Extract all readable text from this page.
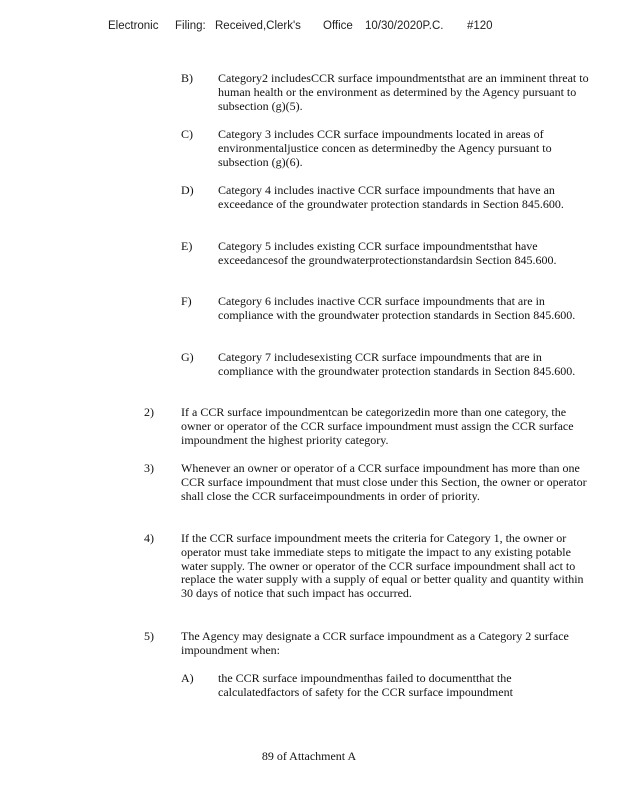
Electronic Filing: Received,Clerk's Office 10/30/2020P.C. #120
B) Category2 includesCCR surface impoundmentsthat are an imminent threat to human health or the environment as determined by the Agency pursuant to subsection (g)(5).
C) Category 3 includes CCR surface impoundments located in areas of environmentaljustice concen as determinedby the Agency pursuant to subsection (g)(6).
D) Category 4 includes inactive CCR surface impoundments that have an exceedance of the groundwater protection standards in Section 845.600.
E) Category 5 includes existing CCR surface impoundmentsthat have exceedancesof the groundwaterprotectionstandardsin Section 845.600.
F) Category 6 includes inactive CCR surface impoundments that are in compliance with the groundwater protection standards in Section 845.600.
G) Category 7 includesexisting CCR surface impoundments that are in compliance with the groundwater protection standards in Section 845.600.
2) If a CCR surface impoundmentcan be categorizedin more than one category, the owner or operator of the CCR surface impoundment must assign the CCR surface impoundment the highest priority category.
3) Whenever an owner or operator of a CCR surface impoundment has more than one CCR surface impoundment that must close under this Section, the owner or operator shall close the CCR surfaceimpoundments in order of priority.
4) If the CCR surface impoundment meets the criteria for Category 1, the owner or operator must take immediate steps to mitigate the impact to any existing potable water supply. The owner or operator of the CCR surface impoundment shall act to replace the water supply with a supply of equal or better quality and quantity within 30 days of notice that such impact has occurred.
5) The Agency may designate a CCR surface impoundment as a Category 2 surface impoundment when:
A) the CCR surface impoundmenthas failed to documentthat the calculatedfactors of safety for the CCR surface impoundment
89 of Attachment A
